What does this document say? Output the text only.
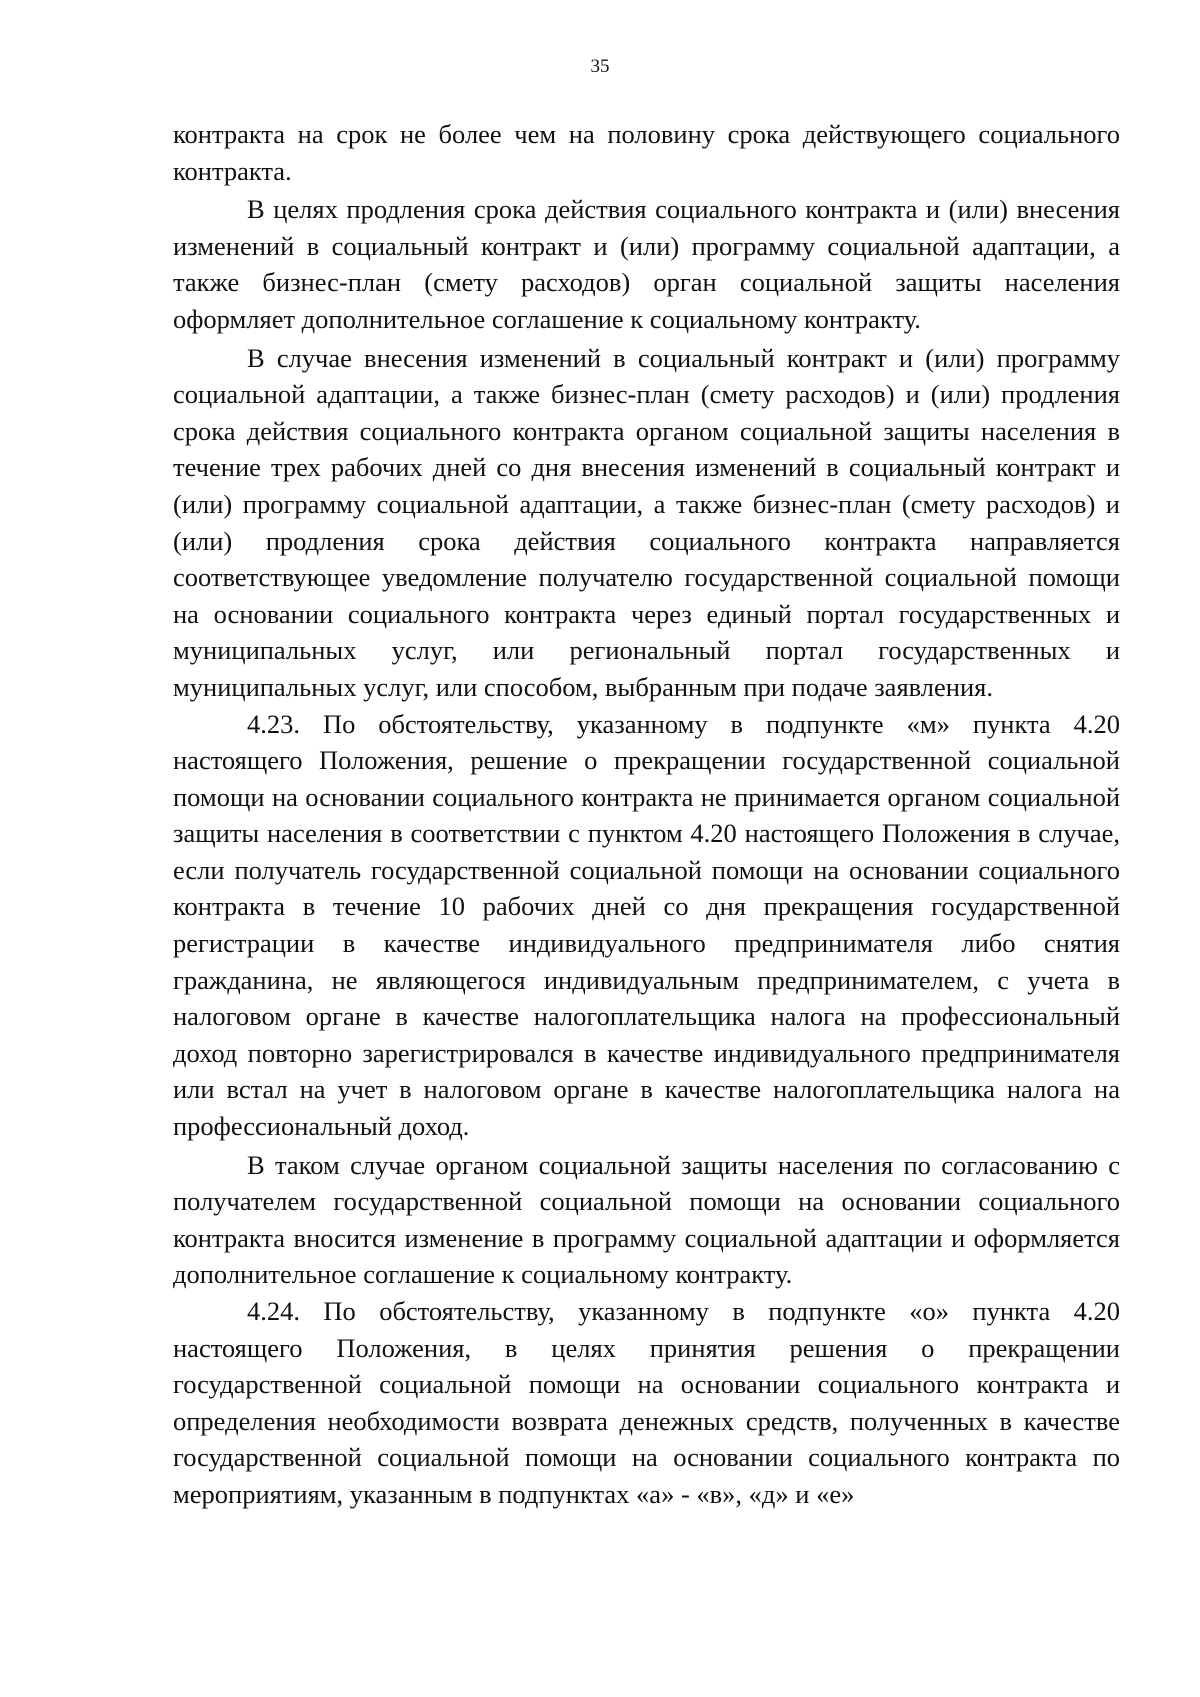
35

контракта на срок не более чем на половину срока действующего социального контракта.

В целях продления срока действия социального контракта и (или) внесения изменений в социальный контракт и (или) программу социальной адаптации, а также бизнес-план (смету расходов) орган социальной защиты населения оформляет дополнительное соглашение к социальному контракту.

В случае внесения изменений в социальный контракт и (или) программу социальной адаптации, а также бизнес-план (смету расходов) и (или) продления срока действия социального контракта органом социальной защиты населения в течение трех рабочих дней со дня внесения изменений в социальный контракт и (или) программу социальной адаптации, а также бизнес-план (смету расходов) и (или) продления срока действия социального контракта направляется соответствующее уведомление получателю государственной социальной помощи на основании социального контракта через единый портал государственных и муниципальных услуг, или региональный портал государственных и муниципальных услуг, или способом, выбранным при подаче заявления.

4.23. По обстоятельству, указанному в подпункте «м» пункта 4.20 настоящего Положения, решение о прекращении государственной социальной помощи на основании социального контракта не принимается органом социальной защиты населения в соответствии с пунктом 4.20 настоящего Положения в случае, если получатель государственной социальной помощи на основании социального контракта в течение 10 рабочих дней со дня прекращения государственной регистрации в качестве индивидуального предпринимателя либо снятия гражданина, не являющегося индивидуальным предпринимателем, с учета в налоговом органе в качестве налогоплательщика налога на профессиональный доход повторно зарегистрировался в качестве индивидуального предпринимателя или встал на учет в налоговом органе в качестве налогоплательщика налога на профессиональный доход.

В таком случае органом социальной защиты населения по согласованию с получателем государственной социальной помощи на основании социального контракта вносится изменение в программу социальной адаптации и оформляется дополнительное соглашение к социальному контракту.

4.24. По обстоятельству, указанному в подпункте «о» пункта 4.20 настоящего Положения, в целях принятия решения о прекращении государственной социальной помощи на основании социального контракта и определения необходимости возврата денежных средств, полученных в качестве государственной социальной помощи на основании социального контракта по мероприятиям, указанным в подпунктах «а» - «в», «д» и «е»
